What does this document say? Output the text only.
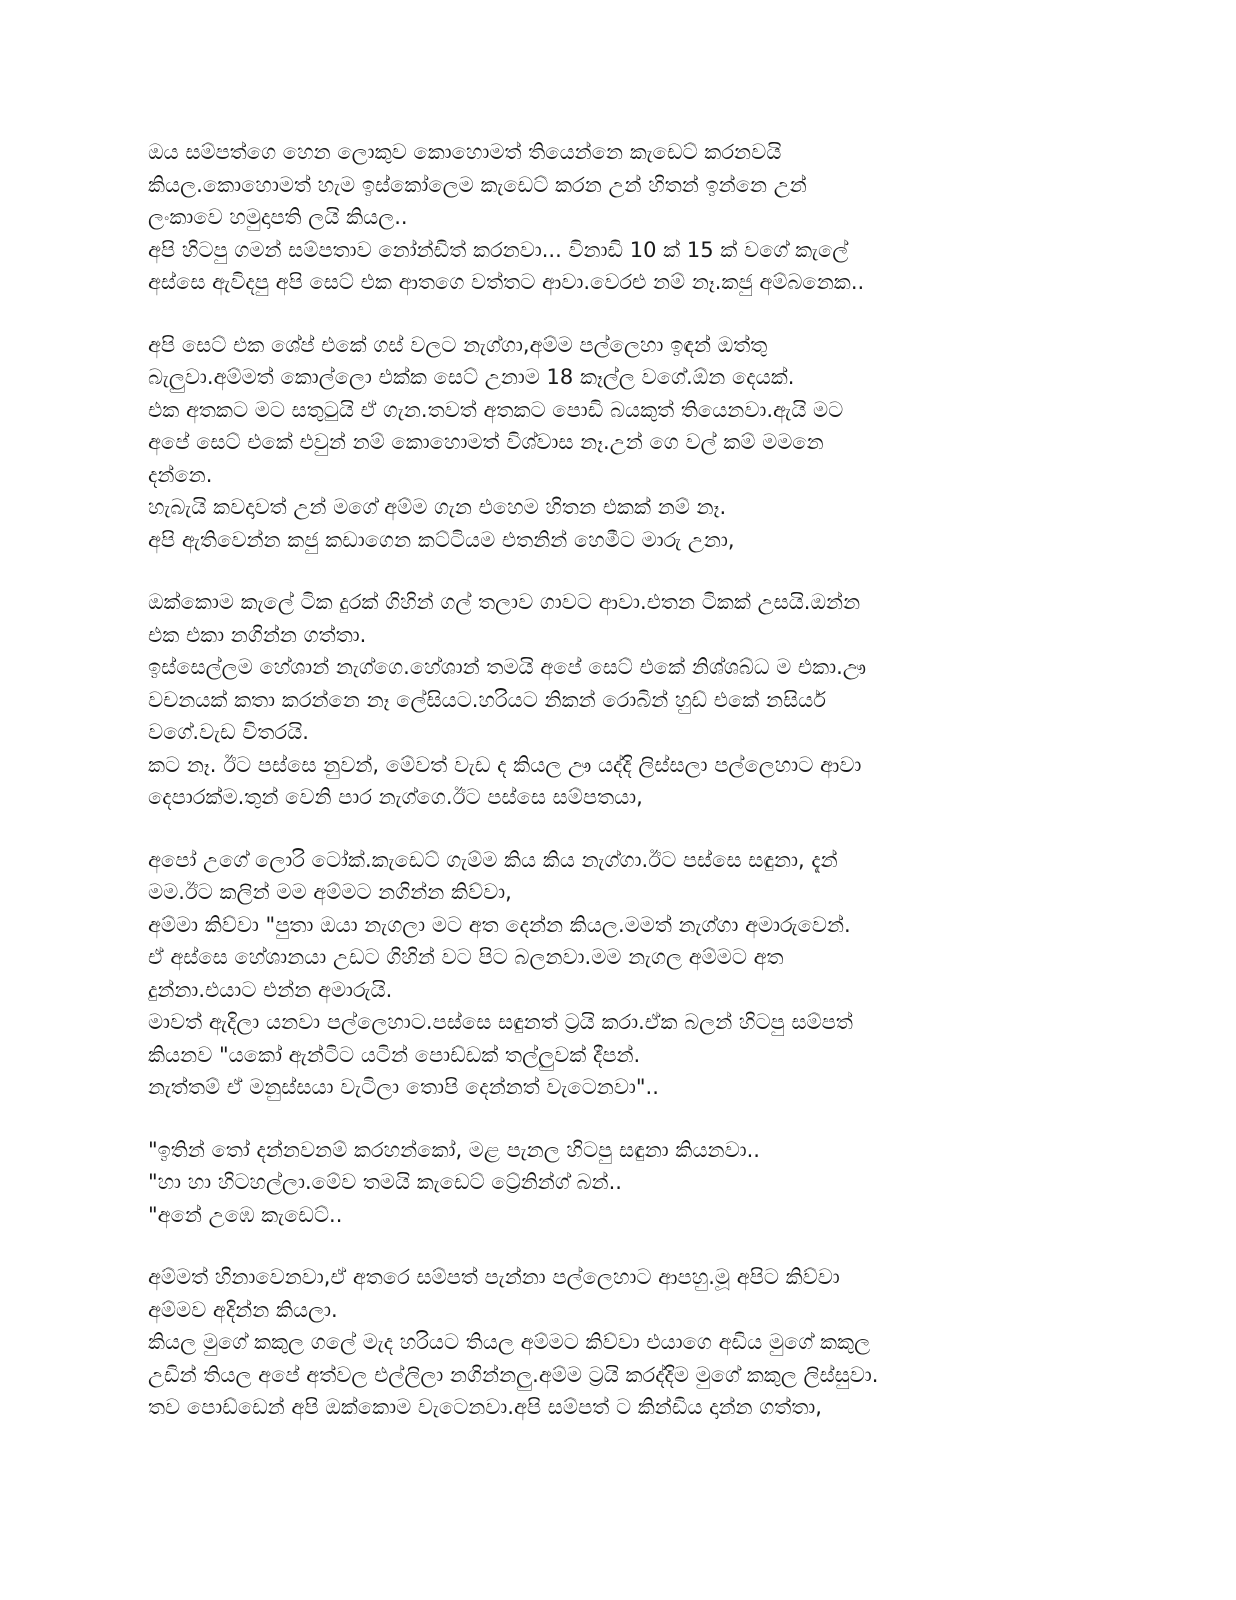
ඔය සම්පත්ගෙ හෙන ලොකුව කොහොමත් තියෙන්නෙ කැඩෙට් කරනවයි
කියල.කොහොමත් හැම ඉස්කෝලෙම කැඩෙට් කරන උන් හිතන් ඉන්නෙ උන්
ලංකාවෙ හමුදාපති ලයි කියල..
අපි හිටපු ගමන් සම්පතාව නෝන්ඩිත් කරනවා... විනාඩි 10 ක් 15 ක් වගේ කැලේ
අස්සෙ ඇවිදපු අපි සෙට් එක ආතගෙ වත්තට ආවා.වෙරළු නම් නෑ.කජු අම්බනෙක..
අපි සෙට් එක ශේප් එකේ ගස් වලට නැග්ගා,අම්ම පල්ලෙහා ඉඳන් ඔත්තු
බැලුවා.අම්මත් කොල්ලො එක්ක සෙට් උනාම 18 කෑල්ල වගේ.ඕන දෙයක්.
එක අතකට මට සතුටුයි ඒ ගැන.තවත් අතකට පොඩි බයකුත් තියෙනවා.ඇයි මට
අපේ සෙට් එකේ එවුන් නම් කොහොමත් විශ්වාස නෑ.උන් ගෙ වල් කම් මමනෙ
දන්නෙ.
හැබැයි කවදාවත් උන් මගේ අම්ම ගැන එහෙම හිතන එකක් නම් නෑ.
අපි ඇතිවෙන්න කජු කඩාගෙන කට්ටියම එතනින් හෙමීට මාරු උනා,
ඔක්කොම කැලේ ටික දුරක් ගිහින් ගල් තලාව ගාවට ආවා.එතන ටිකක් උසයි.ඔන්න
එක එකා නගින්න ගත්තා.
ඉස්සෙල්ලම හේශාන් නැග්ගෙ.හේශාන් තමයි අපේ සෙට් එකේ නිශ්ශබ්ධ ම එකා.ඌ
වචනයක් කතා කරන්නෙ නෑ ලේසියට.හරියට නිකන් රොබින් හුඩ් එකේ නසියර්
වගේ.වැඩ විතරයි.
කට නෑ. ඊට පස්සෙ නුවන්, මේවත් වැඩ ද කියල ඌ යද්දි ලිස්සලා පල්ලෙහාට ආවා
දෙපාරක්ම.තුන් වෙනි පාර නැග්ගෙ.ඊට පස්සෙ සම්පතයා,
අපෝ උගේ ලොරි ටෝක්.කැඩෙට් ගැම්ම කිය කිය නැග්ගා.ඊට පස්සෙ සඳුනා, දැන්
මම.ඊට කලින් මම අම්මට නගින්න කිව්වා,
අම්මා කිව්වා "පුතා ඔයා නැගලා මට අත දෙන්න කියල.මමත් නැග්ගා අමාරුවෙන්.
ඒ අස්සෙ හේශානයා උඩට ගිහින් වට පිට බලනවා.මම නැගල අම්මට අත
දුන්නා.එයාට එන්න අමාරුයි.
මාවත් ඇදිලා යනවා පල්ලෙහාට.පස්සෙ සඳුනත් ට්‍රයි කරා.ඒක බලන් හිටපු සම්පත්
කියනව "යකෝ ඇන්ටිට යටින් පොඩ්ඩක් තල්ලුවක් දීපන්.
නැත්තම් ඒ මනුස්සයා වැටිලා තොපි දෙන්නත් වැටෙනවා"..
"ඉතින් තෝ දන්නවනම් කරහන්කෝ, මළ පැනල හිටපු සඳුනා කියනවා..
"හා හා හිටහල්ලා.මේව තමයි කැඩෙට් ට්‍රේනින්ග් බන්..
"අනේ උඹෙ කැඩෙට්..
අම්මත් හිනාවෙනවා,ඒ අතරෙ සම්පත් පැන්නා පල්ලෙහාට ආපහු.මූ අපිට කිව්වා
අම්මව අදින්න කියලා.
කියල මුගේ කකුල ගලේ මැද හරියට තියල අම්මට කිව්වා එයාගෙ අඩිය මුගේ කකුල
උඩින් තියල අපේ අත්වල එල්ලිලා නගින්නලු.අම්ම ට්‍රයි කරද්දිම මුගේ කකුල ලිස්සුවා.
තව පොඩ්ඩෙන් අපි ඔක්කොම වැටෙනවා.අපි සම්පත් ට කින්ඩිය දාන්න ගත්තා,
